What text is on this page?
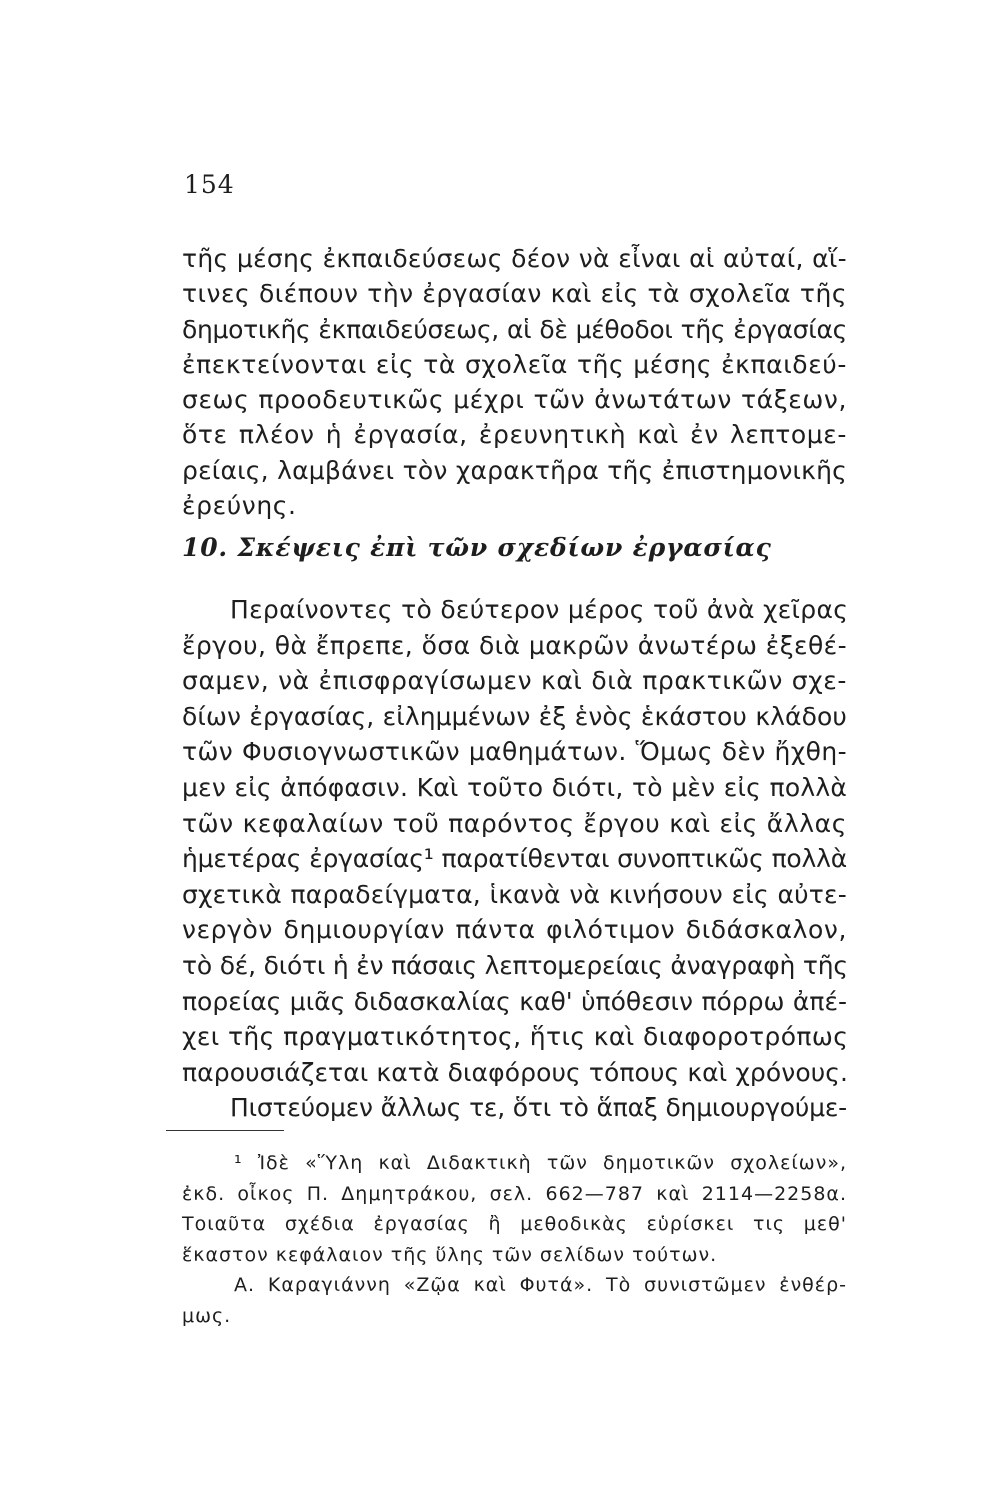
154
τῆς μέσης ἐκπαιδεύσεως δέον νὰ εἶναι αἱ αὐταί, αἵ-
τινες διέπουν τὴν ἐργασίαν καὶ εἰς τὰ σχολεῖα τῆς
δημοτικῆς ἐκπαιδεύσεως, αἱ δὲ μέθοδοι τῆς ἐργασίας
ἐπεκτείνονται εἰς τὰ σχολεῖα τῆς μέσης ἐκπαιδεύ-
σεως προοδευτικῶς μέχρι τῶν ἀνωτάτων τάξεων,
ὅτε πλέον ἡ ἐργασία, ἐρευνητικὴ καὶ ἐν λεπτομε-
ρείαις, λαμβάνει τὸν χαρακτῆρα τῆς ἐπιστημονικῆς
ἐρεύνης.
10. Σκέψεις ἐπὶ τῶν σχεδίων ἐργασίας
Περαίνοντες τὸ δεύτερον μέρος τοῦ ἀνὰ χεῖρας
ἔργου, θὰ ἔπρεπε, ὅσα διὰ μακρῶν ἀνωτέρω ἐξεθέ-
σαμεν, νὰ ἐπισφραγίσωμεν καὶ διὰ πρακτικῶν σχε-
δίων ἐργασίας, εἰλημμένων ἐξ ἑνὸς ἑκάστου κλάδου
τῶν Φυσιογνωστικῶν μαθημάτων. Ὅμως δὲν ἤχθη-
μεν εἰς ἀπόφασιν. Καὶ τοῦτο διότι, τὸ μὲν εἰς πολλὰ
τῶν κεφαλαίων τοῦ παρόντος ἔργου καὶ εἰς ἄλλας
ἡμετέρας ἐργασίας¹ παρατίθενται συνοπτικῶς πολλὰ
σχετικὰ παραδείγματα, ἱκανὰ νὰ κινήσουν εἰς αὐτε-
νεργὸν δημιουργίαν πάντα φιλότιμον διδάσκαλον,
τὸ δέ, διότι ἡ ἐν πάσαις λεπτομερείαις ἀναγραφὴ τῆς
πορείας μιᾶς διδασκαλίας καθ' ὑπόθεσιν πόρρω ἀπέ-
χει τῆς πραγματικότητος, ἥτις καὶ διαφοροτρόπως
παρουσιάζεται κατὰ διαφόρους τόπους καὶ χρόνους.
Πιστεύομεν ἄλλως τε, ὅτι τὸ ἅπαξ δημιουργούμε-
¹ Ἰδὲ «Ὕλη καὶ Διδακτικὴ τῶν δημοτικῶν σχολείων»,
ἐκδ. οἶκος Π. Δημητράκου, σελ. 662—787 καὶ 2114—2258α.
Τοιαῦτα σχέδια ἐργασίας ἢ μεθοδικὰς εὑρίσκει τις μεθ'
ἕκαστον κεφάλαιον τῆς ὕλης τῶν σελίδων τούτων.
Α. Καραγιάννη «Ζῷα καὶ Φυτά». Τὸ συνιστῶμεν ἐνθέρ-
μως.
